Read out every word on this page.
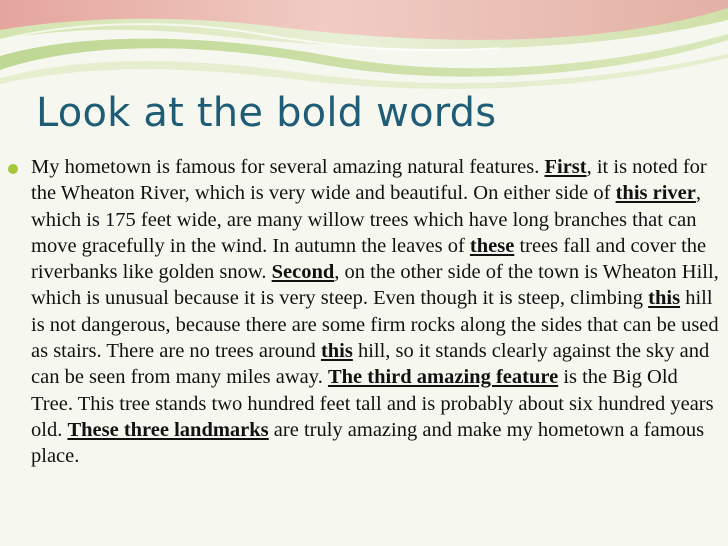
Look at the bold words

My hometown is famous for several amazing natural features. First, it is noted for the Wheaton River, which is very wide and beautiful. On either side of this river, which is 175 feet wide, are many willow trees which have long branches that can move gracefully in the wind. In autumn the leaves of these trees fall and cover the riverbanks like golden snow. Second, on the other side of the town is Wheaton Hill, which is unusual because it is very steep. Even though it is steep, climbing this hill is not dangerous, because there are some firm rocks along the sides that can be used as stairs. There are no trees around this hill, so it stands clearly against the sky and can be seen from many miles away. The third amazing feature is the Big Old Tree. This tree stands two hundred feet tall and is probably about six hundred years old. These three landmarks are truly amazing and make my hometown a famous place.
